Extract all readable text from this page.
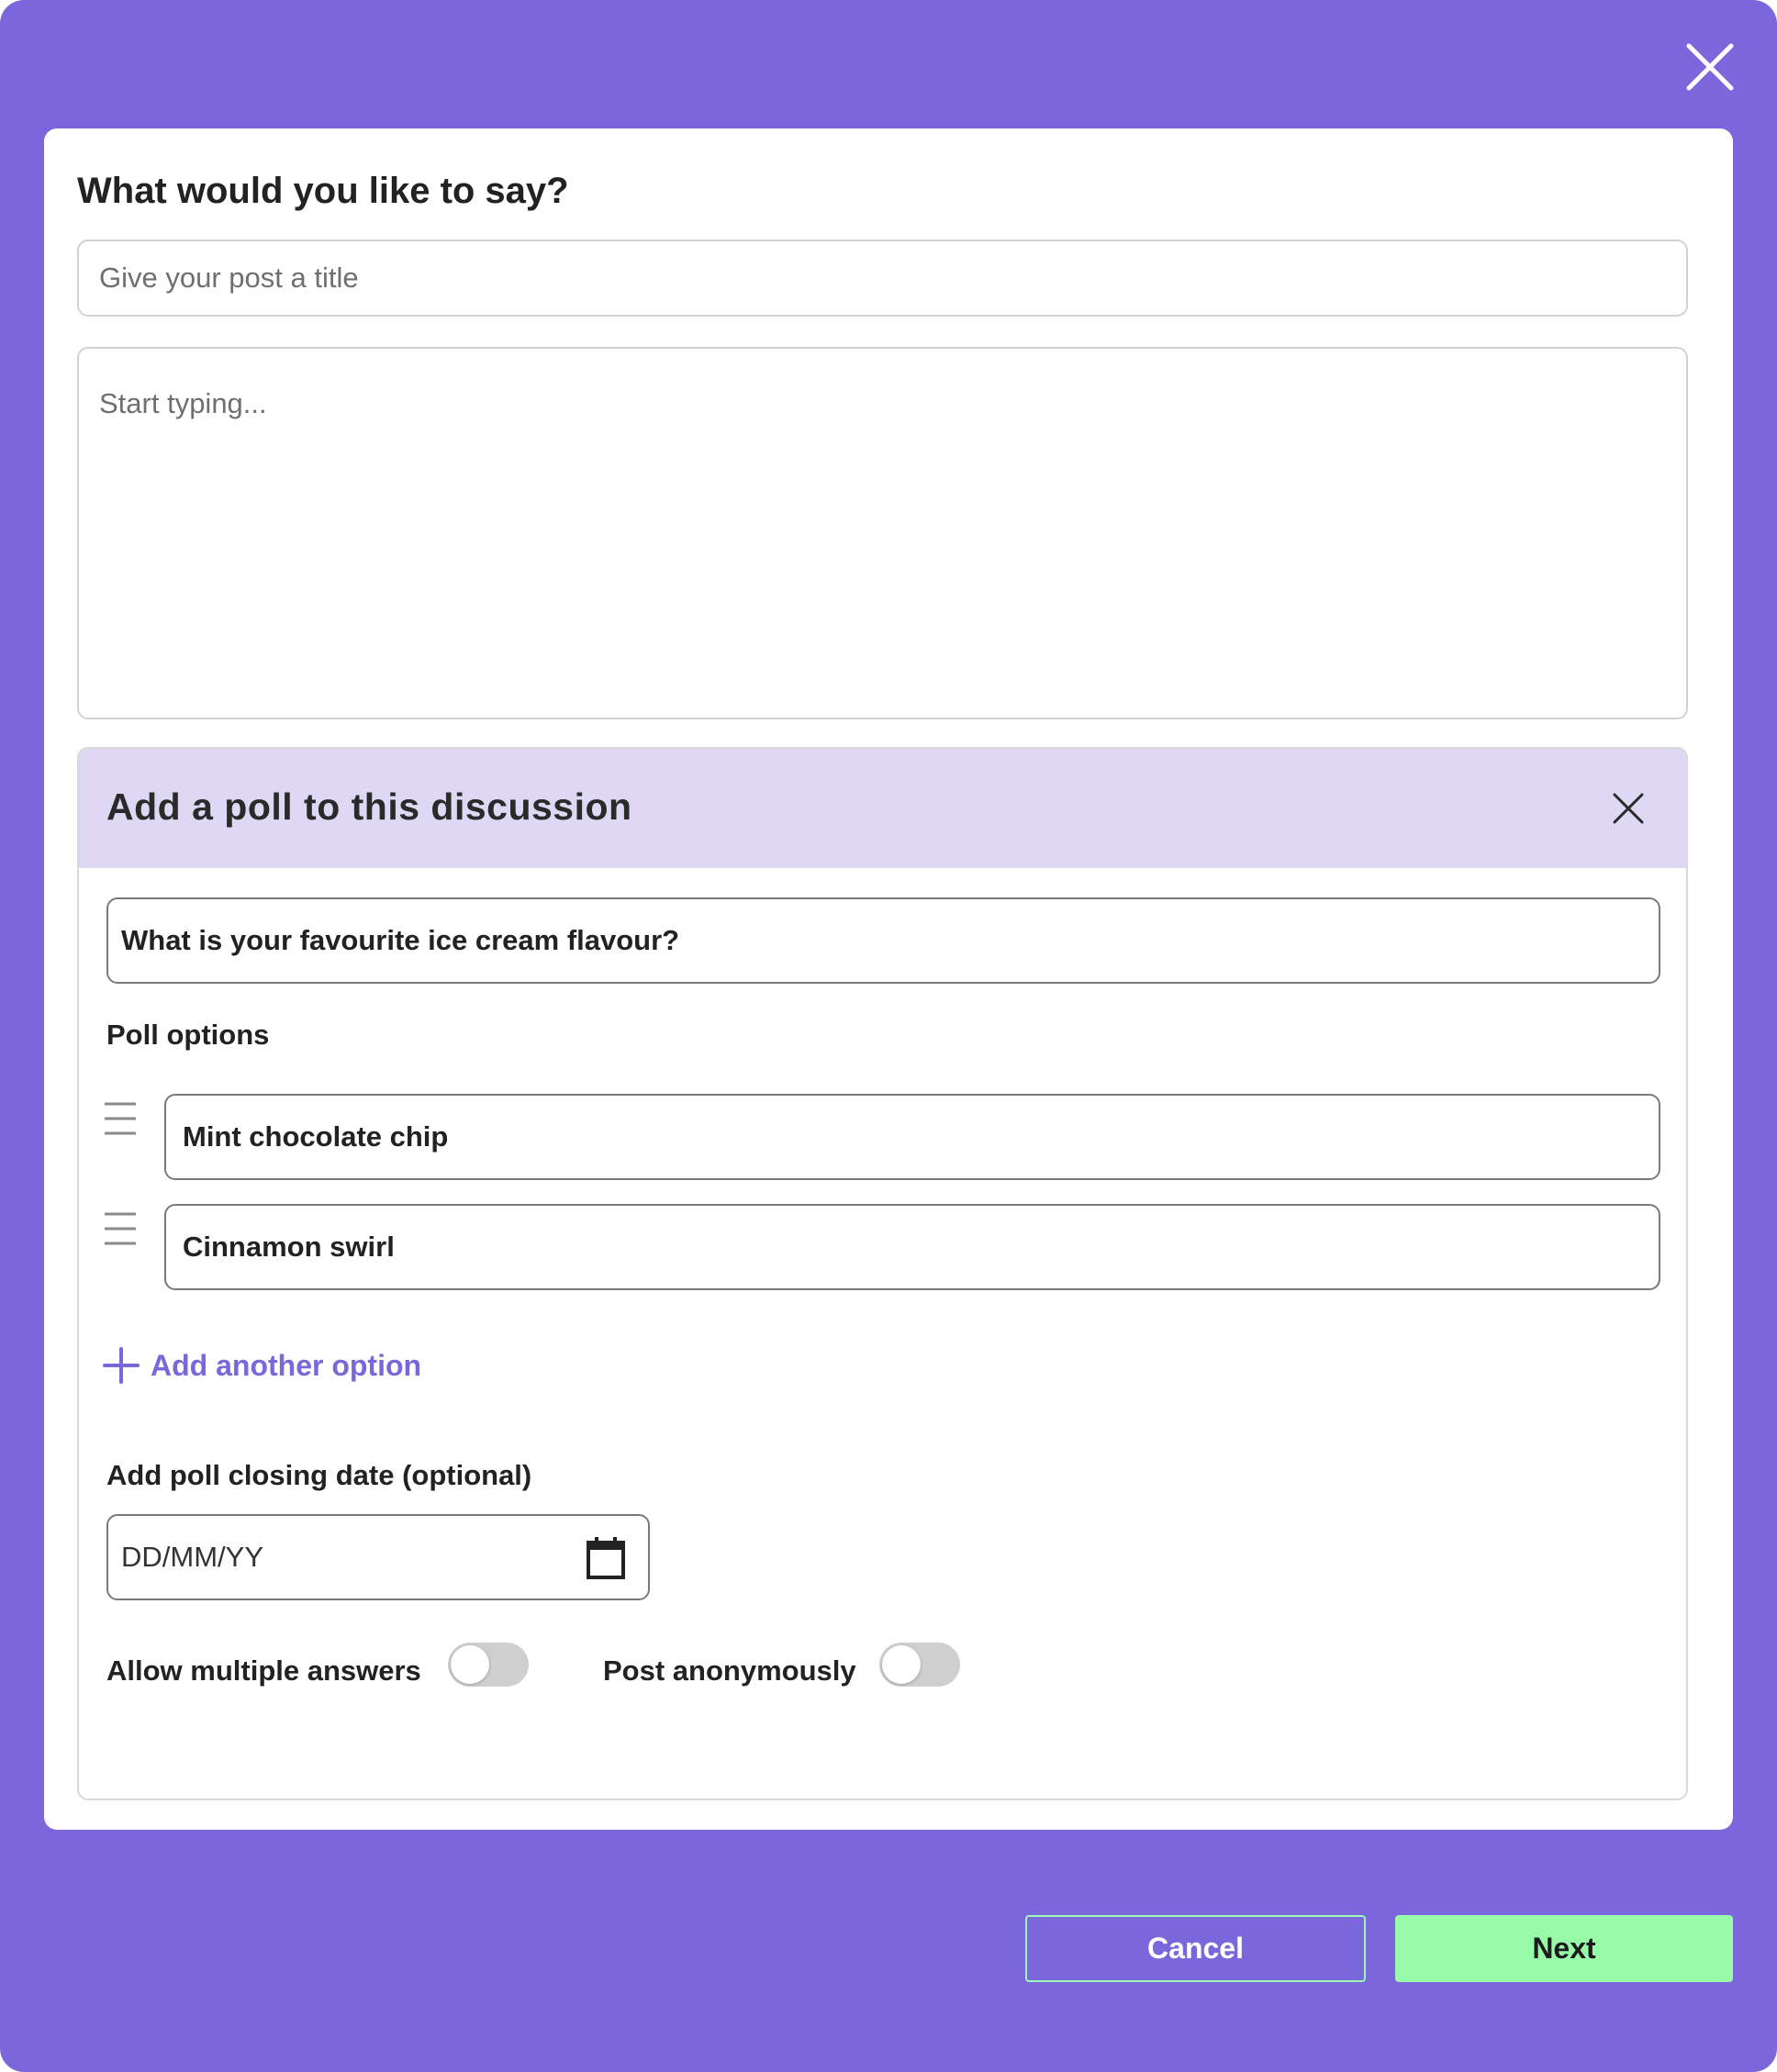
What would you like to say?
Give your post a title
Start typing...
Add a poll to this discussion
What is your favourite ice cream flavour?
Poll options
Mint chocolate chip
Cinnamon swirl
Add another option
Add poll closing date (optional)
DD/MM/YY
Allow multiple answers	Post anonymously
Cancel	Next
